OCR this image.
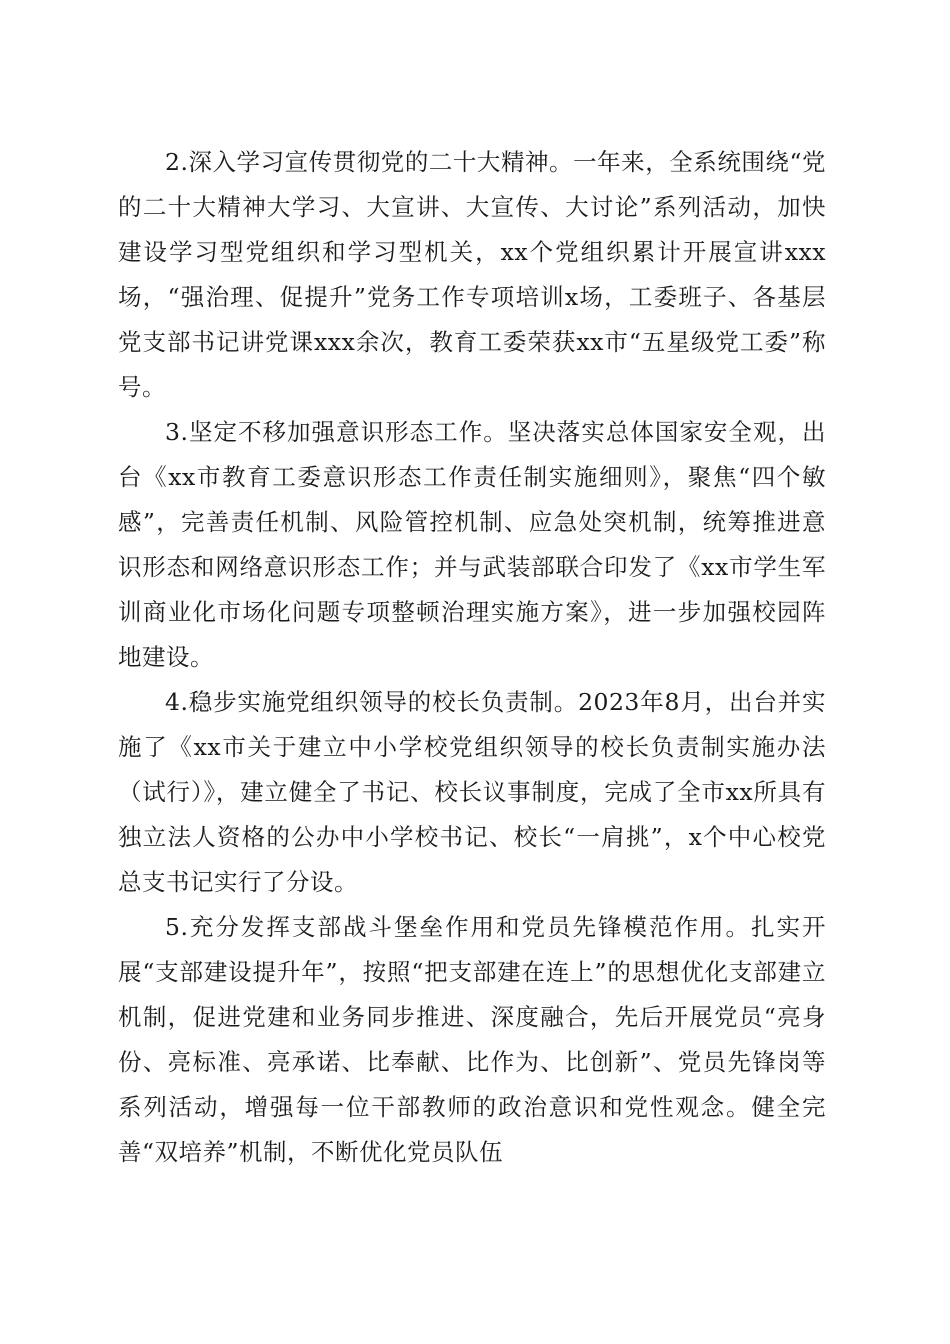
2.深入学习宣传贯彻党的二十大精神。一年来，全系统围绕“党的二十大精神大学习、大宣讲、大宣传、大讨论”系列活动，加快建设学习型党组织和学习型机关，xx个党组织累计开展宣讲xxx场，“强治理、促提升”党务工作专项培训x场，工委班子、各基层党支部书记讲党课xxx余次，教育工委荣获xx市“五星级党工委”称号。

3.坚定不移加强意识形态工作。坚决落实总体国家安全观，出台《xx市教育工委意识形态工作责任制实施细则》，聚焦“四个敏感”，完善责任机制、风险管控机制、应急处突机制，统筹推进意识形态和网络意识形态工作；并与武装部联合印发了《xx市学生军训商业化市场化问题专项整顿治理实施方案》，进一步加强校园阵地建设。

4.稳步实施党组织领导的校长负责制。2023年8月，出台并实施了《xx市关于建立中小学校党组织领导的校长负责制实施办法（试行）》，建立健全了书记、校长议事制度，完成了全市xx所具有独立法人资格的公办中小学校书记、校长“一肩挑”，x个中心校党总支书记实行了分设。

5.充分发挥支部战斗堡垒作用和党员先锋模范作用。扎实开展“支部建设提升年”，按照“把支部建在连上”的思想优化支部建立机制，促进党建和业务同步推进、深度融合，先后开展党员“亮身份、亮标准、亮承诺、比奉献、比作为、比创新”、党员先锋岗等系列活动，增强每一位干部教师的政治意识和党性观念。健全完善“双培养”机制，不断优化党员队伍
